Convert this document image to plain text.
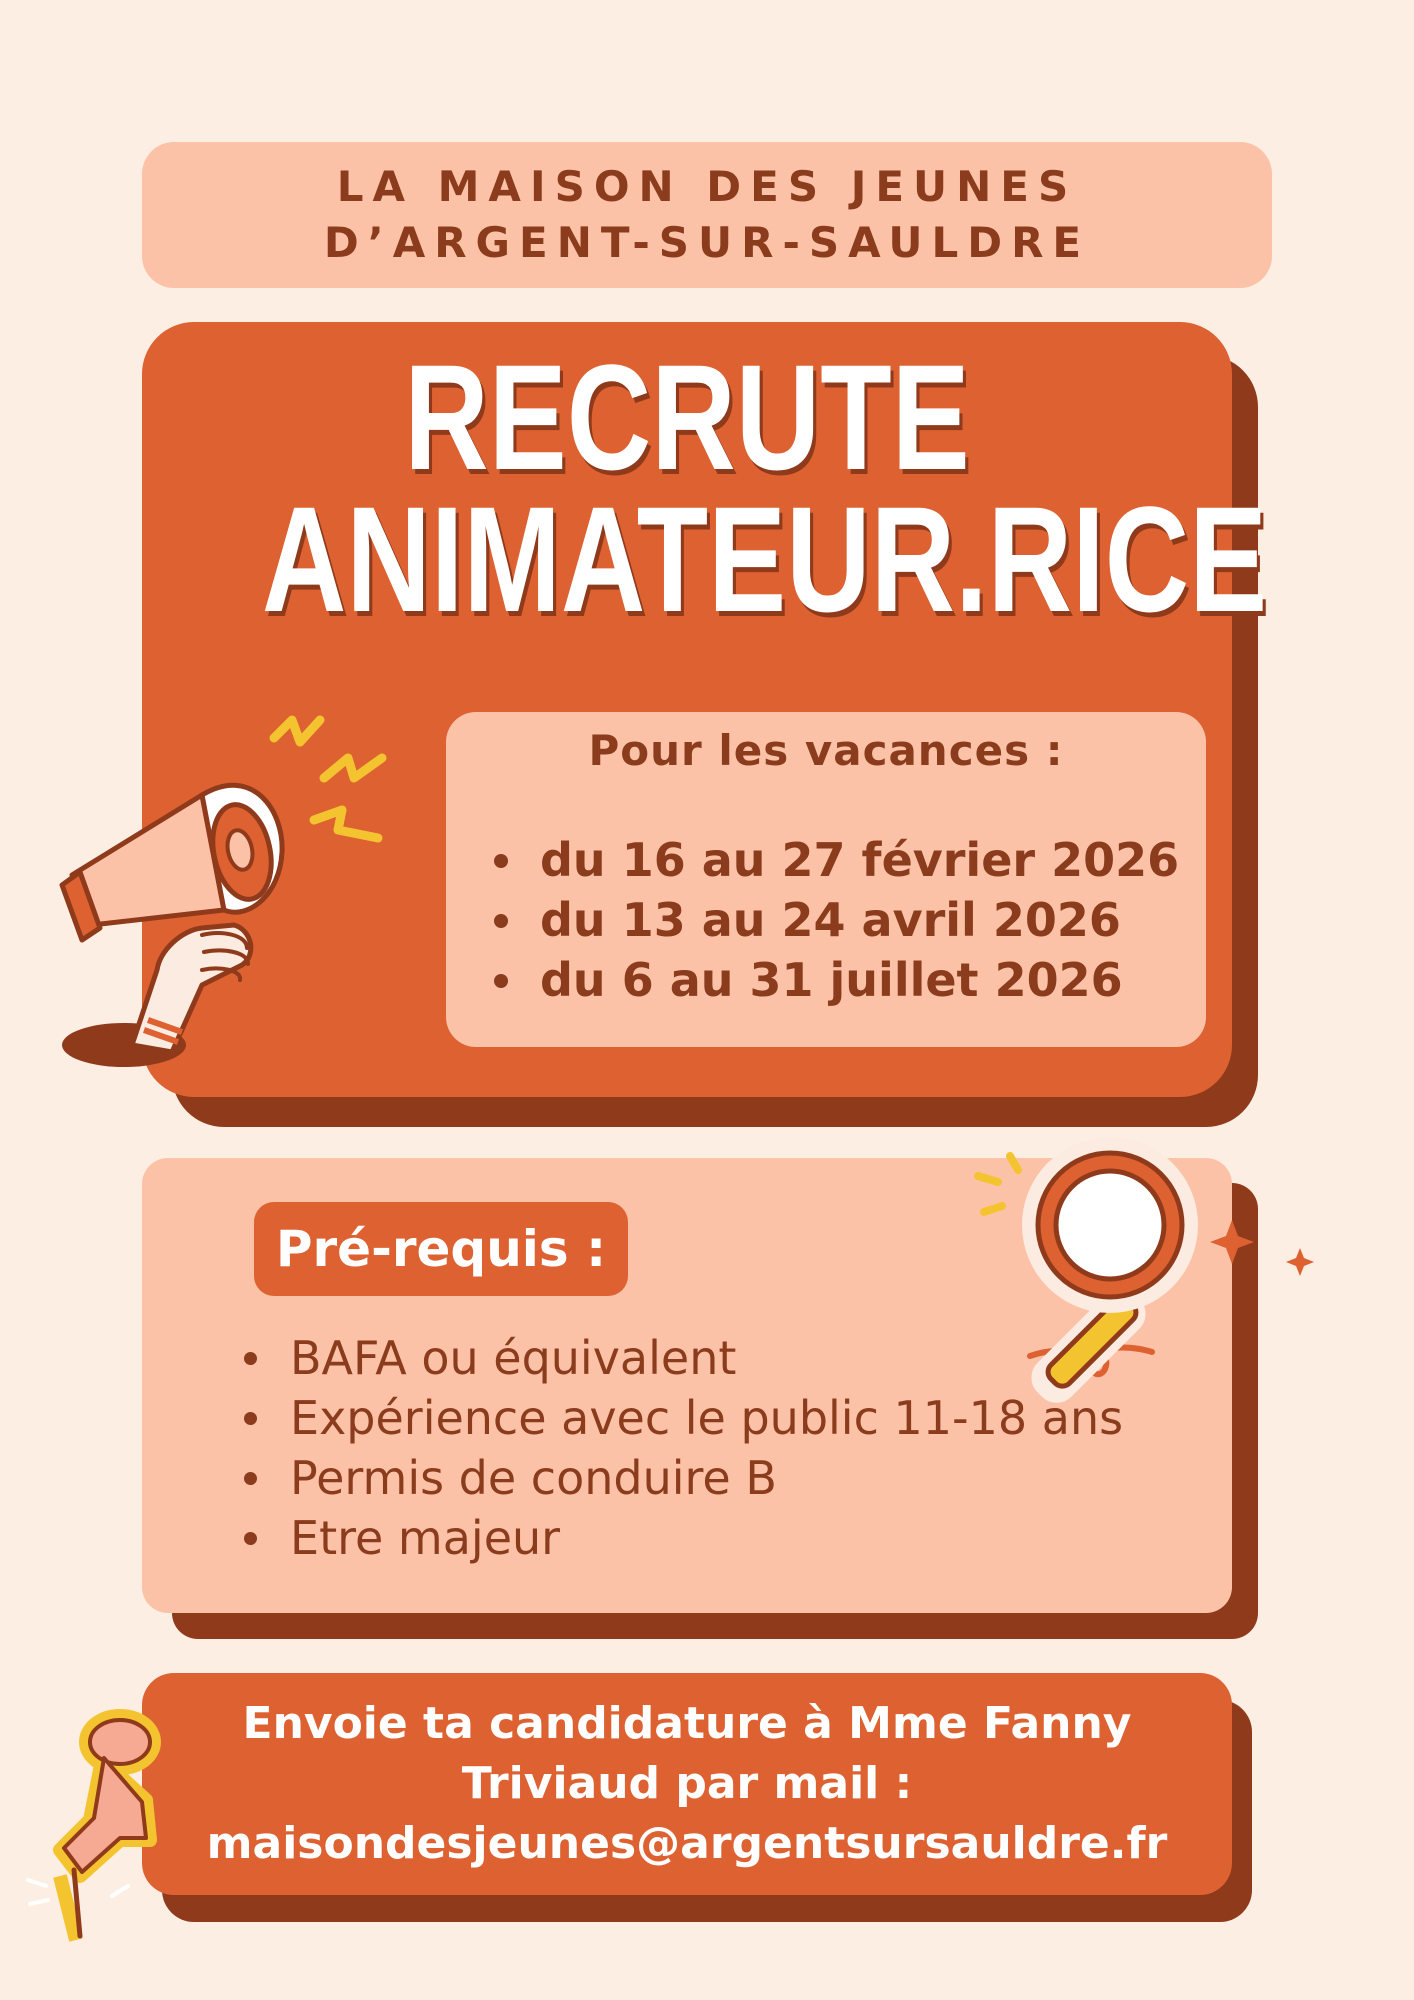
LA MAISON DES JEUNES
D’ARGENT-SUR-SAULDRE
RECRUTE
ANIMATEUR.RICE
Pour les vacances :
du 16 au 27 février 2026
du 13 au 24 avril 2026
du 6 au 31 juillet 2026
Pré-requis :
BAFA ou équivalent
Expérience avec le public 11-18 ans
Permis de conduire B
Etre majeur
Envoie ta candidature à Mme Fanny
Triviaud par mail :
maisondesjeunes@argentsursauldre.fr
